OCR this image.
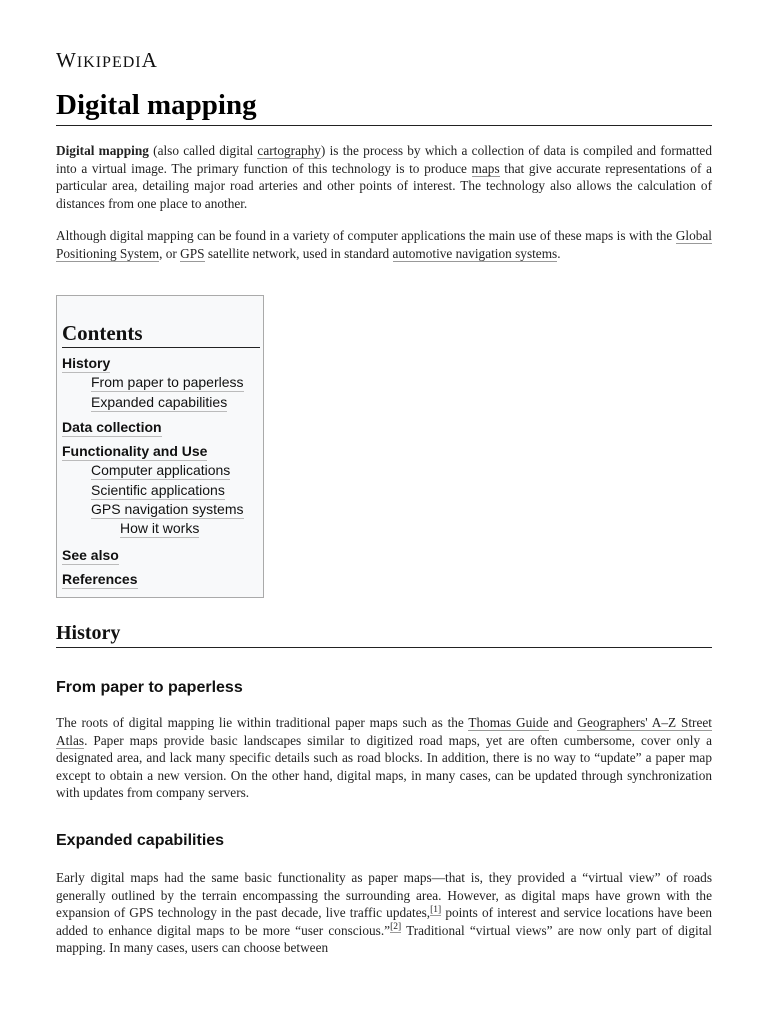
WIKIPEDIA
Digital mapping

Digital mapping (also called digital cartography) is the process by which a collection of data is compiled and formatted into a virtual image. The primary function of this technology is to produce maps that give accurate representations of a particular area, detailing major road arteries and other points of interest. The technology also allows the calculation of distances from one place to another.

Although digital mapping can be found in a variety of computer applications the main use of these maps is with the Global Positioning System, or GPS satellite network, used in standard automotive navigation systems.

Contents
History
From paper to paperless
Expanded capabilities
Data collection
Functionality and Use
Computer applications
Scientific applications
GPS navigation systems
How it works
See also
References
History
From paper to paperless

The roots of digital mapping lie within traditional paper maps such as the Thomas Guide and Geographers' A–Z Street Atlas. Paper maps provide basic landscapes similar to digitized road maps, yet are often cumbersome, cover only a designated area, and lack many specific details such as road blocks. In addition, there is no way to “update” a paper map except to obtain a new version. On the other hand, digital maps, in many cases, can be updated through synchronization with updates from company servers.

Expanded capabilities

Early digital maps had the same basic functionality as paper maps—that is, they provided a “virtual view” of roads generally outlined by the terrain encompassing the surrounding area. However, as digital maps have grown with the expansion of GPS technology in the past decade, live traffic updates,[1] points of interest and service locations have been added to enhance digital maps to be more “user conscious.”[2] Traditional “virtual views” are now only part of digital mapping. In many cases, users can choose between
